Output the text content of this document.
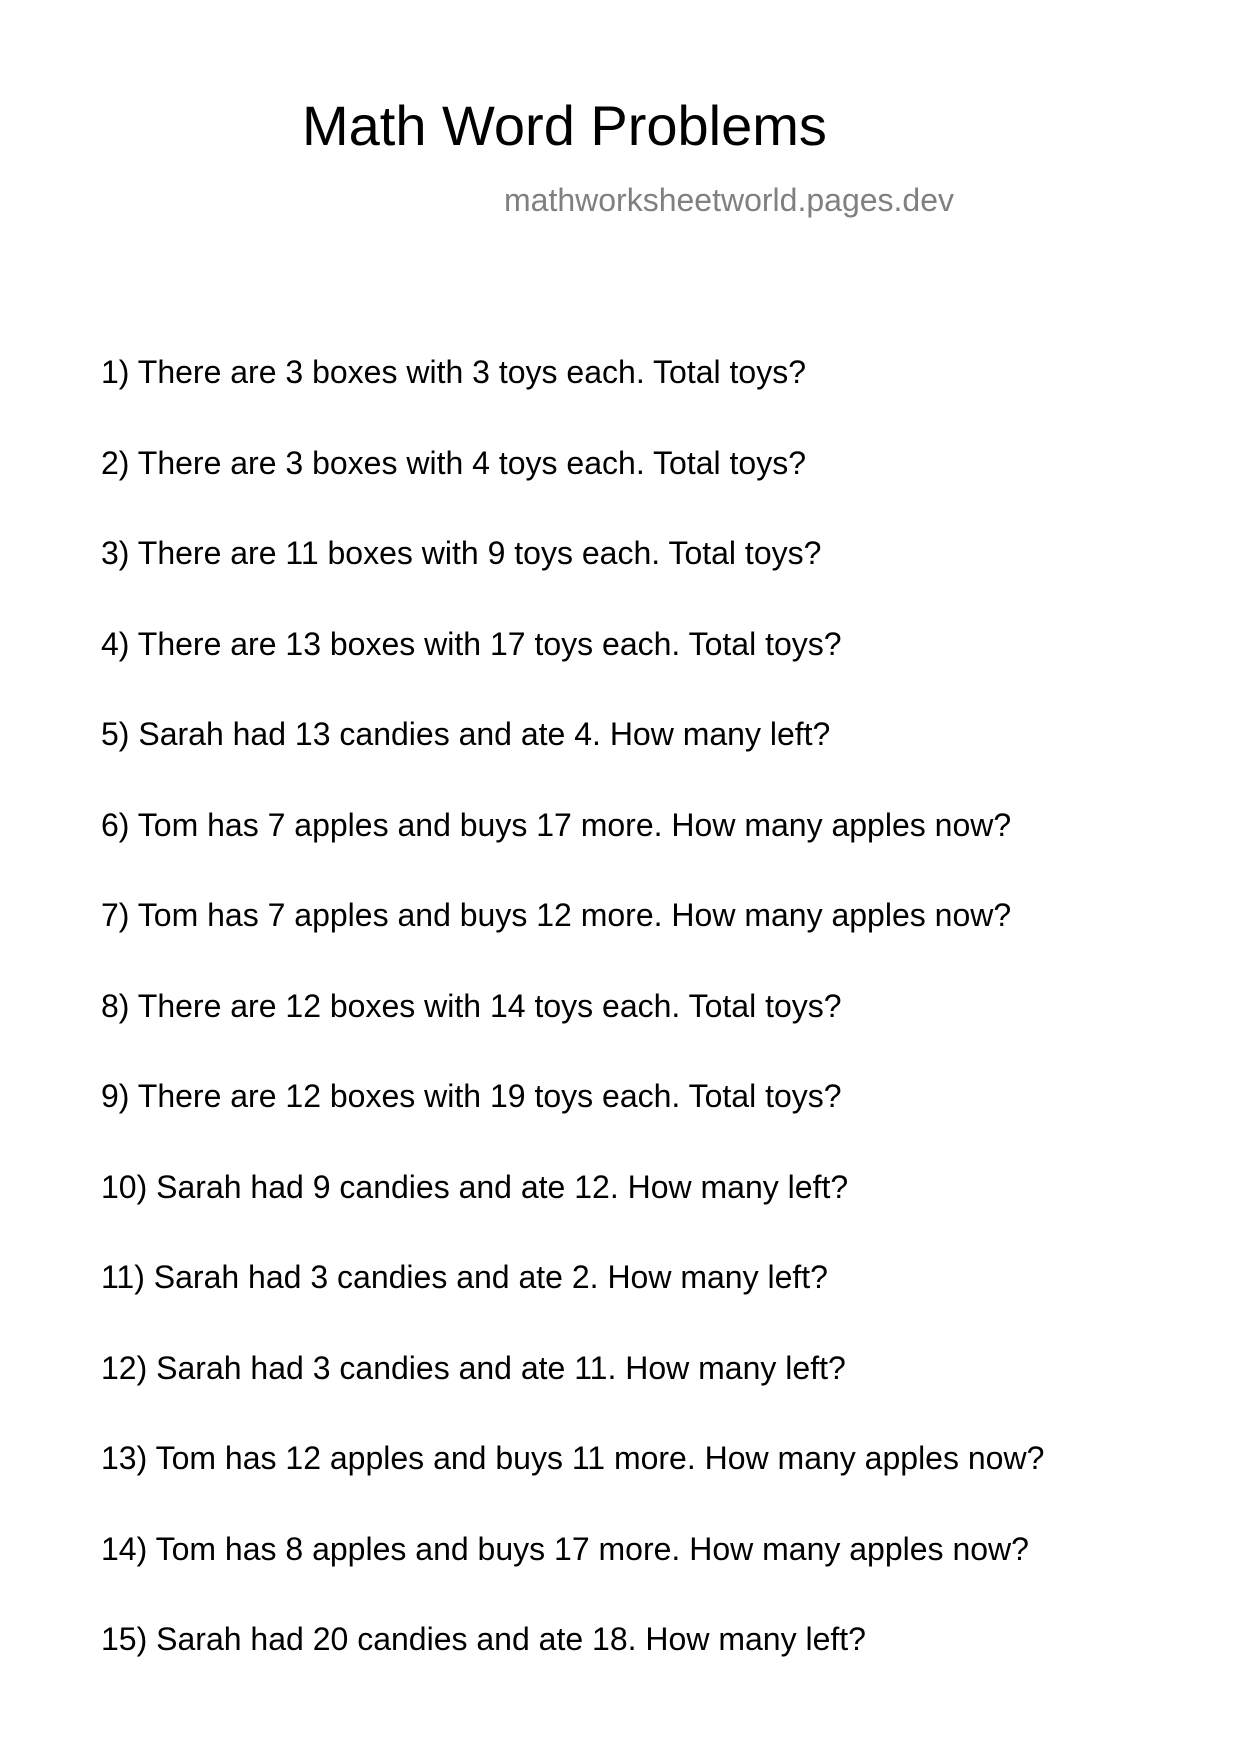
Math Word Problems
mathworksheetworld.pages.dev
1) There are 3 boxes with 3 toys each. Total toys?
2) There are 3 boxes with 4 toys each. Total toys?
3) There are 11 boxes with 9 toys each. Total toys?
4) There are 13 boxes with 17 toys each. Total toys?
5) Sarah had 13 candies and ate 4. How many left?
6) Tom has 7 apples and buys 17 more. How many apples now?
7) Tom has 7 apples and buys 12 more. How many apples now?
8) There are 12 boxes with 14 toys each. Total toys?
9) There are 12 boxes with 19 toys each. Total toys?
10) Sarah had 9 candies and ate 12. How many left?
11) Sarah had 3 candies and ate 2. How many left?
12) Sarah had 3 candies and ate 11. How many left?
13) Tom has 12 apples and buys 11 more. How many apples now?
14) Tom has 8 apples and buys 17 more. How many apples now?
15) Sarah had 20 candies and ate 18. How many left?
